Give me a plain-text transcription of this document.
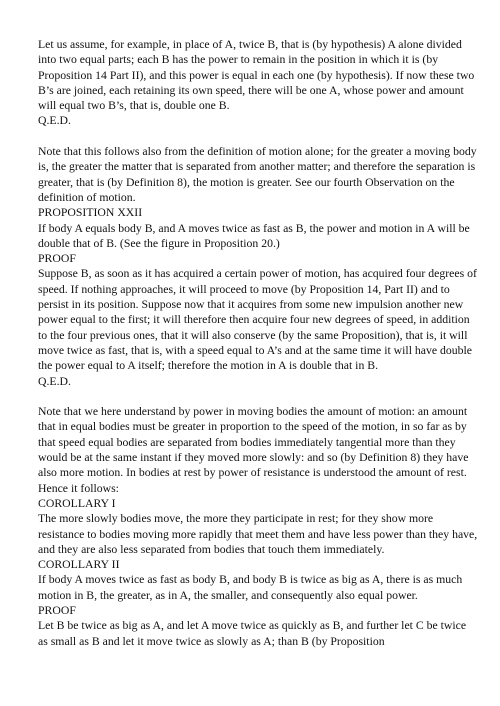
Let us assume, for example, in place of A, twice B, that is (by hypothesis) A alone divided into two equal parts; each B has the power to remain in the position in which it is (by Proposition 14 Part II), and this power is equal in each one (by hypothesis). If now these two B’s are joined, each retaining its own speed, there will be one A, whose power and amount will equal two B’s, that is, double one B.

Q.E.D.

Note that this follows also from the definition of motion alone; for the greater a moving body is, the greater the matter that is separated from another matter; and therefore the separation is greater, that is (by Definition 8), the motion is greater. See our fourth Observation on the definition of motion.

PROPOSITION XXII

If body A equals body B, and A moves twice as fast as B, the power and motion in A will be double that of B. (See the figure in Proposition 20.)

PROOF

Suppose B, as soon as it has acquired a certain power of motion, has acquired four degrees of speed. If nothing approaches, it will proceed to move (by Proposition 14, Part II) and to persist in its position. Suppose now that it acquires from some new impulsion another new power equal to the first; it will therefore then acquire four new degrees of speed, in addition to the four previous ones, that it will also conserve (by the same Proposition), that is, it will move twice as fast, that is, with a speed equal to A’s and at the same time it will have double the power equal to A itself; therefore the motion in A is double that in B.

Q.E.D.

Note that we here understand by power in moving bodies the amount of motion: an amount that in equal bodies must be greater in proportion to the speed of the motion, in so far as by that speed equal bodies are separated from bodies immediately tangential more than they would be at the same instant if they moved more slowly: and so (by Definition 8) they have also more motion. In bodies at rest by power of resistance is understood the amount of rest. Hence it follows:

COROLLARY I

The more slowly bodies move, the more they participate in rest; for they show more resistance to bodies moving more rapidly that meet them and have less power than they have, and they are also less separated from bodies that touch them immediately.

COROLLARY II

If body A moves twice as fast as body B, and body B is twice as big as A, there is as much motion in B, the greater, as in A, the smaller, and consequently also equal power.

PROOF

Let B be twice as big as A, and let A move twice as quickly as B, and further let C be twice as small as B and let it move twice as slowly as A; than B (by Proposition
